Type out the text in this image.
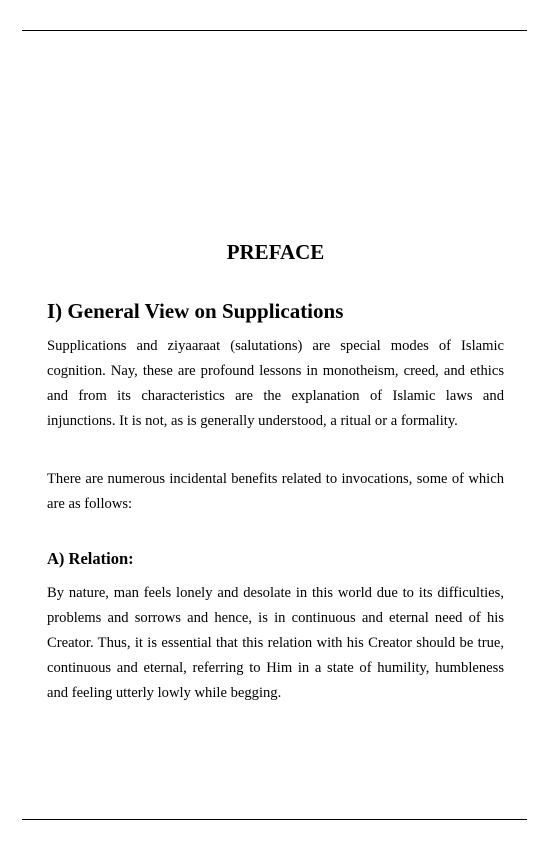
PREFACE
I) General View on Supplications

Supplications and ziyaaraat (salutations) are special modes of Islamic cognition. Nay, these are profound lessons in monotheism, creed, and ethics and from its characteristics are the explanation of Islamic laws and injunctions. It is not, as is generally understood, a ritual or a formality.

There are numerous incidental benefits related to invocations, some of which are as follows:

A) Relation:

By nature, man feels lonely and desolate in this world due to its difficulties, problems and sorrows and hence, is in continuous and eternal need of his Creator. Thus, it is essential that this relation with his Creator should be true, continuous and eternal, referring to Him in a state of humility, humbleness and feeling utterly lowly while begging.
